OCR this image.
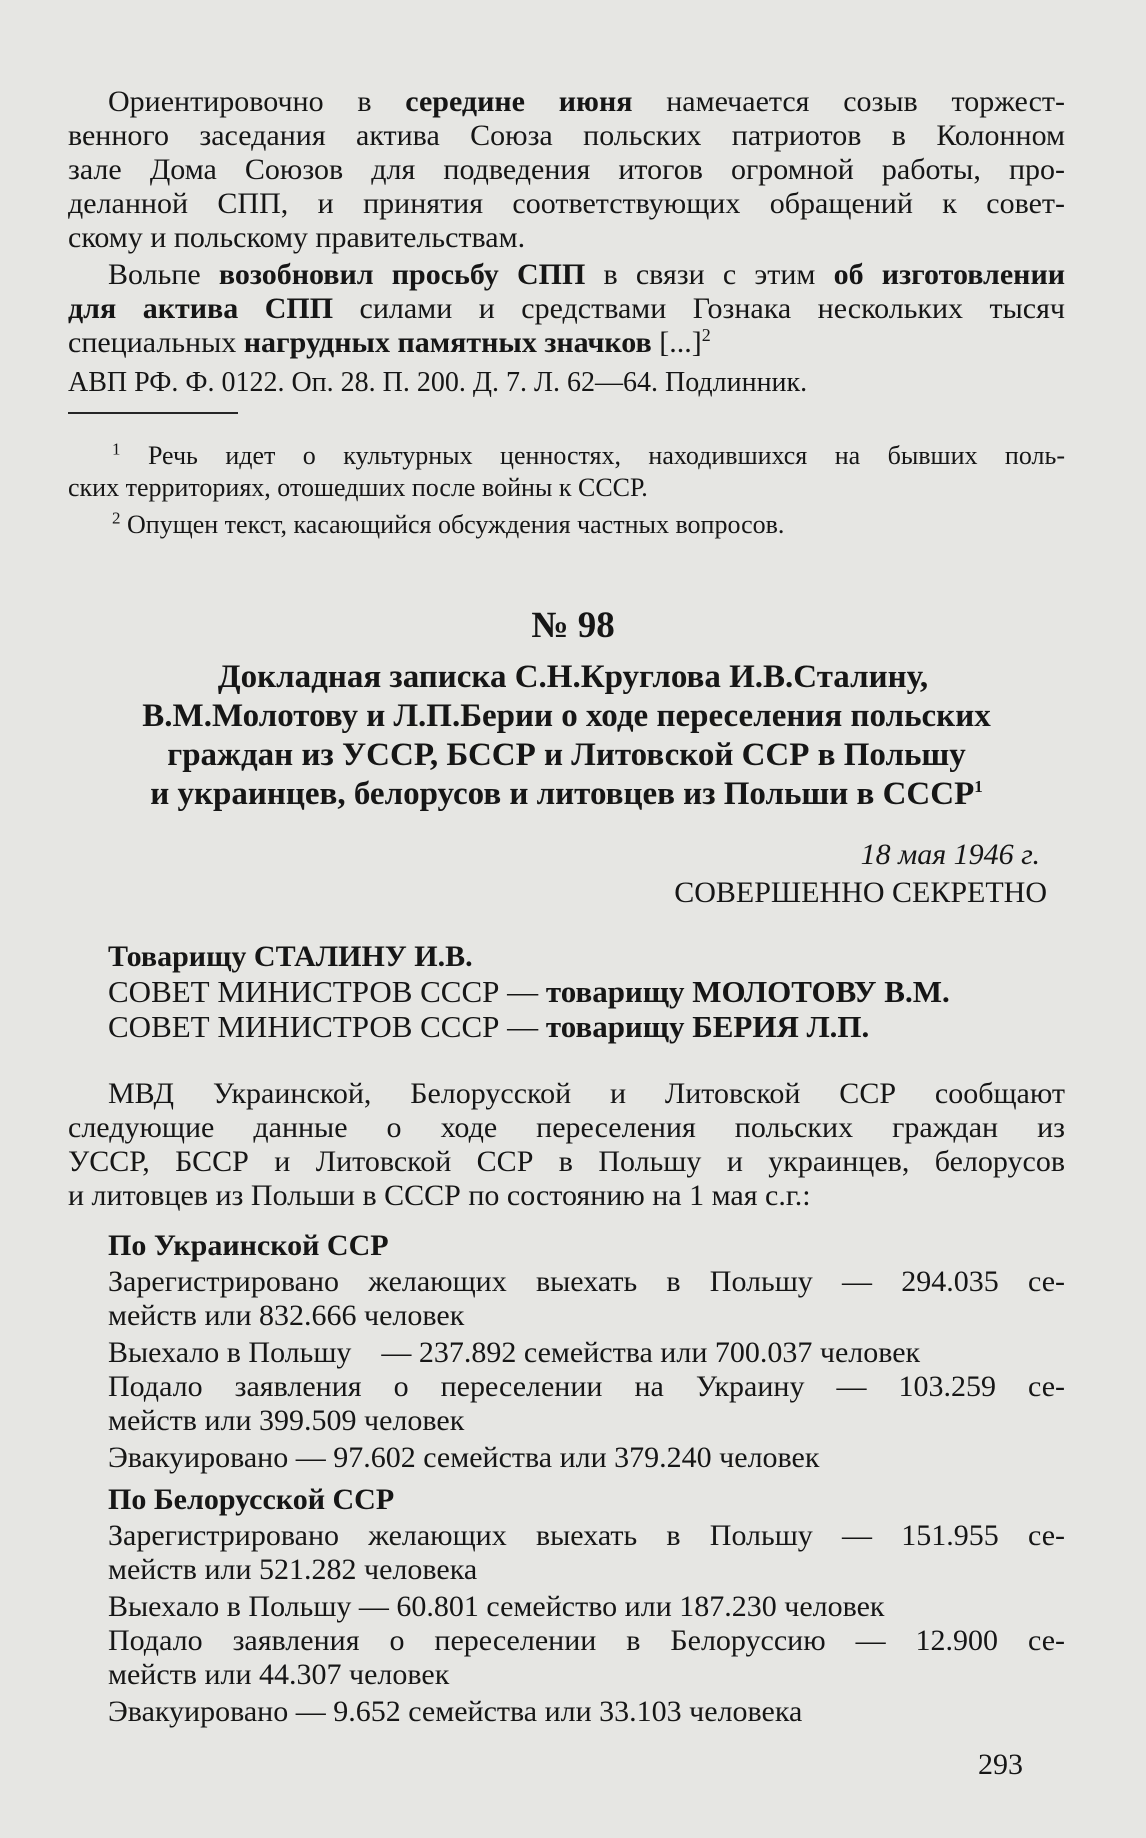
Ориентировочно в середине июня намечается созыв торжест-
венного заседания актива Союза польских патриотов в Колонном
зале Дома Союзов для подведения итогов огромной работы, про-
деланной СПП, и принятия соответствующих обращений к совет-
скому и польскому правительствам.
Вольпе возобновил просьбу СПП в связи с этим об изготовлении
для актива СПП силами и средствами Гознака нескольких тысяч
специальных нагрудных памятных значков [...]$^2$
АВП РФ. Ф. 0122. Оп. 28. П. 200. Д. 7. Л. 62—64. Подлинник.
$^1$ Речь идет о культурных ценностях, находившихся на бывших поль-
ских территориях, отошедших после войны к СССР.
$^2$ Опущен текст, касающийся обсуждения частных вопросов.
№ 98
Докладная записка С.Н.Круглова И.В.Сталину,
В.М.Молотову и Л.П.Берии о ходе переселения польских
граждан из УССР, БССР и Литовской ССР в Польшу
и украинцев, белорусов и литовцев из Польши в СССР$^1$
18 мая 1946 г.
СОВЕРШЕННО СЕКРЕТНО
Товарищу СТАЛИНУ И.В.
СОВЕТ МИНИСТРОВ СССР — товарищу МОЛОТОВУ В.М.
СОВЕТ МИНИСТРОВ СССР — товарищу БЕРИЯ Л.П.
МВД Украинской, Белорусской и Литовской ССР сообщают
следующие данные о ходе переселения польских граждан из
УССР, БССР и Литовской ССР в Польшу и украинцев, белорусов
и литовцев из Польши в СССР по состоянию на 1 мая с.г.:
По Украинской ССР
Зарегистрировано желающих выехать в Польшу — 294.035 се-
мейств или 832.666 человек
Выехало в Польшу    — 237.892 семейства или 700.037 человек
Подало заявления о переселении на Украину — 103.259 се-
мейств или 399.509 человек
Эвакуировано — 97.602 семейства или 379.240 человек
По Белорусской ССР
Зарегистрировано желающих выехать в Польшу — 151.955 се-
мейств или 521.282 человека
Выехало в Польшу — 60.801 семейство или 187.230 человек
Подало заявления о переселении в Белоруссию — 12.900 се-
мейств или 44.307 человек
Эвакуировано — 9.652 семейства или 33.103 человека
293
